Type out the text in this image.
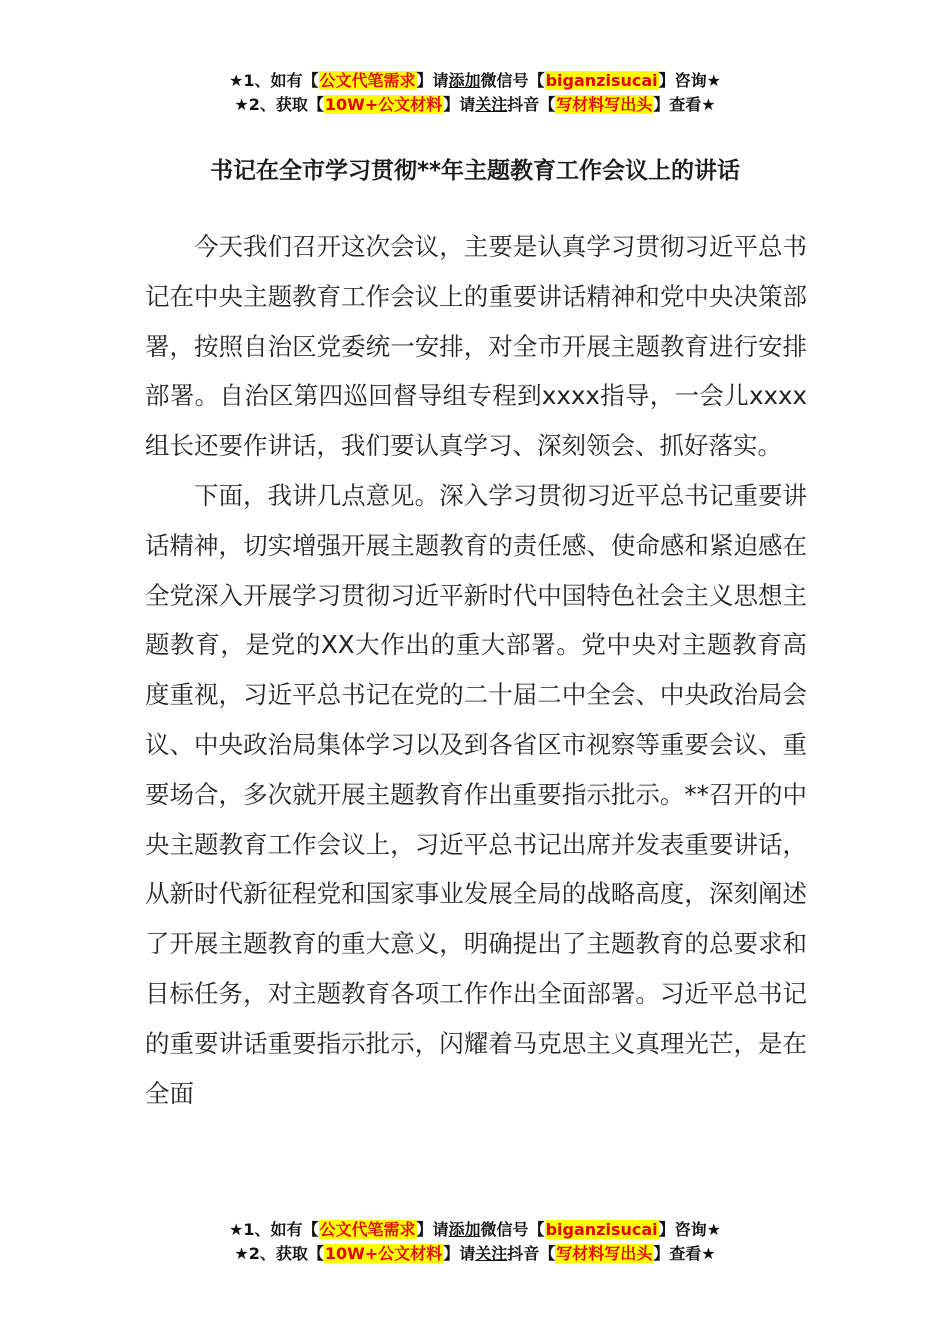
★1、如有【公文代笔需求】请添加微信号【biganzisucai】咨询★
★2、获取【10W+公文材料】请关注抖音【写材料写出头】查看★
书记在全市学习贯彻**年主题教育工作会议上的讲话

今天我们召开这次会议，主要是认真学习贯彻习近平总书记在中央主题教育工作会议上的重要讲话精神和党中央决策部署，按照自治区党委统一安排，对全市开展主题教育进行安排部署。自治区第四巡回督导组专程到xxxx指导，一会儿xxxx组长还要作讲话，我们要认真学习、深刻领会、抓好落实。

下面，我讲几点意见。深入学习贯彻习近平总书记重要讲话精神，切实增强开展主题教育的责任感、使命感和紧迫感在全党深入开展学习贯彻习近平新时代中国特色社会主义思想主题教育，是党的XX大作出的重大部署。党中央对主题教育高度重视，习近平总书记在党的二十届二中全会、中央政治局会议、中央政治局集体学习以及到各省区市视察等重要会议、重要场合，多次就开展主题教育作出重要指示批示。**召开的中央主题教育工作会议上，习近平总书记出席并发表重要讲话，从新时代新征程党和国家事业发展全局的战略高度，深刻阐述了开展主题教育的重大意义，明确提出了主题教育的总要求和目标任务，对主题教育各项工作作出全面部署。习近平总书记的重要讲话重要指示批示，闪耀着马克思主义真理光芒，是在全面

★1、如有【公文代笔需求】请添加微信号【biganzisucai】咨询★
★2、获取【10W+公文材料】请关注抖音【写材料写出头】查看★
